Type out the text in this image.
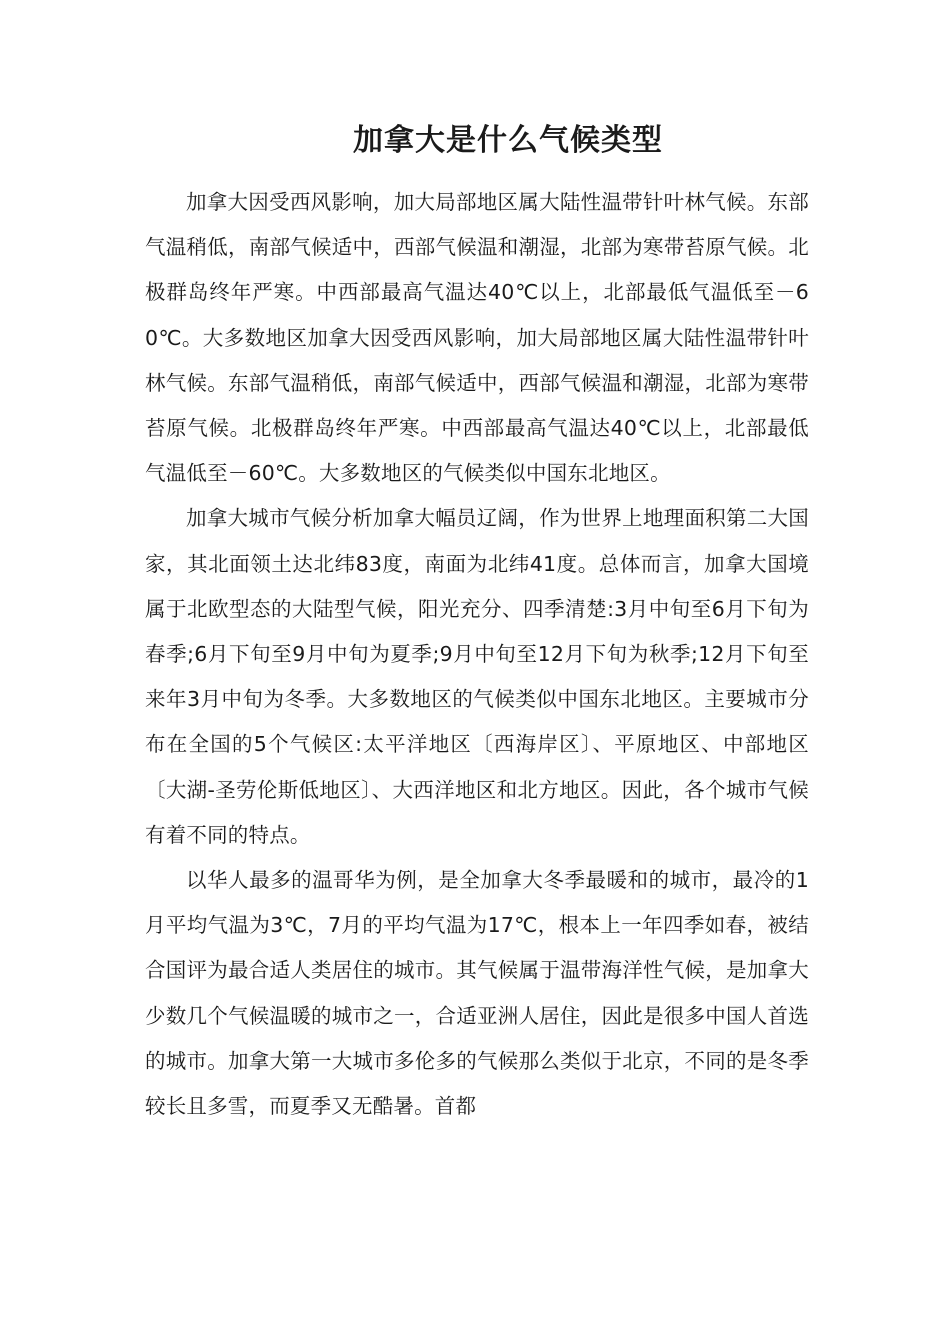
加拿大是什么气候类型

加拿大因受西风影响，加大局部地区属大陆性温带针叶林气候。东部气温稍低，南部气候适中，西部气候温和潮湿，北部为寒带苔原气候。北极群岛终年严寒。中西部最高气温达40℃以上，北部最低气温低至－60℃。大多数地区加拿大因受西风影响，加大局部地区属大陆性温带针叶林气候。东部气温稍低，南部气候适中，西部气候温和潮湿，北部为寒带苔原气候。北极群岛终年严寒。中西部最高气温达40℃以上，北部最低气温低至－60℃。大多数地区的气候类似中国东北地区。

加拿大城市气候分析加拿大幅员辽阔，作为世界上地理面积第二大国家，其北面领土达北纬83度，南面为北纬41度。总体而言，加拿大国境属于北欧型态的大陆型气候，阳光充分、四季清楚:3月中旬至6月下旬为春季;6月下旬至9月中旬为夏季;9月中旬至12月下旬为秋季;12月下旬至来年3月中旬为冬季。大多数地区的气候类似中国东北地区。主要城市分布在全国的5个气候区:太平洋地区〔西海岸区〕、平原地区、中部地区〔大湖-圣劳伦斯低地区〕、大西洋地区和北方地区。因此，各个城市气候有着不同的特点。

以华人最多的温哥华为例，是全加拿大冬季最暖和的城市，最冷的1月平均气温为3℃，7月的平均气温为17℃，根本上一年四季如春，被结合国评为最合适人类居住的城市。其气候属于温带海洋性气候，是加拿大少数几个气候温暖的城市之一，合适亚洲人居住，因此是很多中国人首选的城市。加拿大第一大城市多伦多的气候那么类似于北京，不同的是冬季较长且多雪，而夏季又无酷暑。首都
